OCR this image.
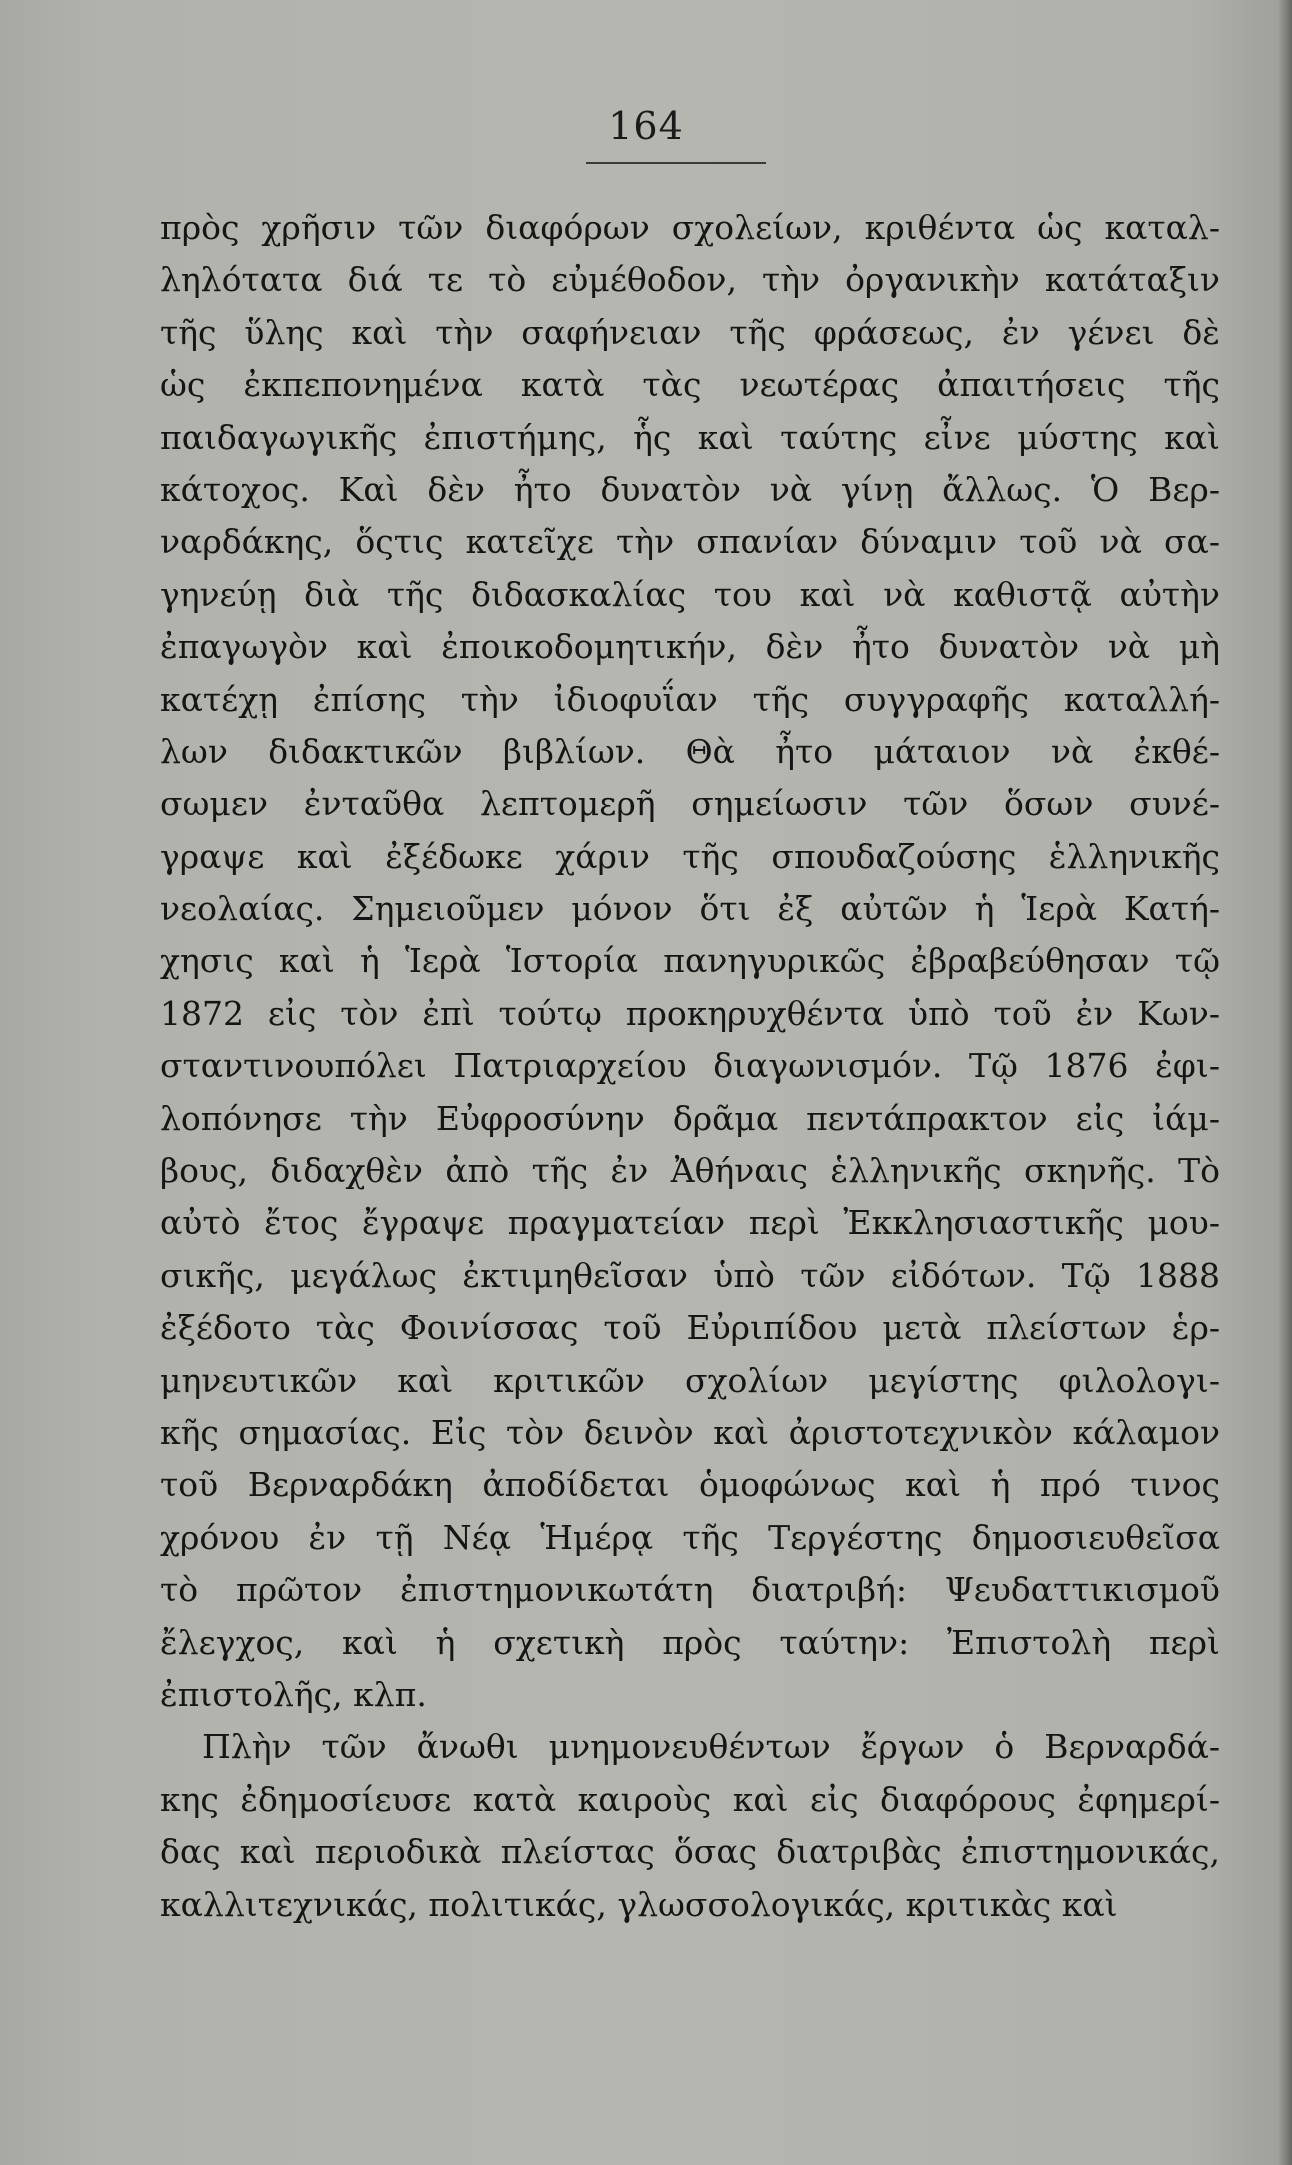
164
πρὸς χρῆσιν τῶν διαφόρων σχολείων, κριθέντα ὡς καταλ-
ληλότατα διά τε τὸ εὐμέθοδον, τὴν ὀργανικὴν κατάταξιν
τῆς ὕλης καὶ τὴν σαφήνειαν τῆς φράσεως, ἐν γένει δὲ
ὡς ἐκπεπονημένα κατὰ τὰς νεωτέρας ἀπαιτήσεις τῆς
παιδαγωγικῆς ἐπιστήμης, ἧς καὶ ταύτης εἶνε μύστης καὶ
κάτοχος. Καὶ δὲν ἦτο δυνατὸν νὰ γίνῃ ἄλλως. Ὁ Βερ-
ναρδάκης, ὅςτις κατεῖχε τὴν σπανίαν δύναμιν τοῦ νὰ σα-
γηνεύῃ διὰ τῆς διδασκαλίας του καὶ νὰ καθιστᾷ αὐτὴν
ἐπαγωγὸν καὶ ἐποικοδομητικήν, δὲν ἦτο δυνατὸν νὰ μὴ
κατέχῃ ἐπίσης τὴν ἰδιοφυΐαν τῆς συγγραφῆς καταλλή-
λων διδακτικῶν βιβλίων. Θὰ ἦτο μάταιον νὰ ἐκθέ-
σωμεν ἐνταῦθα λεπτομερῆ σημείωσιν τῶν ὅσων συνέ-
γραψε καὶ ἐξέδωκε χάριν τῆς σπουδαζούσης ἑλληνικῆς
νεολαίας. Σημειοῦμεν μόνον ὅτι ἐξ αὐτῶν ἡ Ἱερὰ Κατή-
χησις καὶ ἡ Ἱερὰ Ἱστορία πανηγυρικῶς ἐβραβεύθησαν τῷ
1872 εἰς τὸν ἐπὶ τούτῳ προκηρυχθέντα ὑπὸ τοῦ ἐν Κων-
σταντινουπόλει Πατριαρχείου διαγωνισμόν. Τῷ 1876 ἐφι-
λοπόνησε τὴν Εὐφροσύνην δρᾶμα πεντάπρακτον εἰς ἰάμ-
βους, διδαχθὲν ἀπὸ τῆς ἐν Ἀθήναις ἑλληνικῆς σκηνῆς. Τὸ
αὐτὸ ἔτος ἔγραψε πραγματείαν περὶ Ἐκκλησιαστικῆς μου-
σικῆς, μεγάλως ἐκτιμηθεῖσαν ὑπὸ τῶν εἰδότων. Τῷ 1888
ἐξέδοτο τὰς Φοινίσσας τοῦ Εὐριπίδου μετὰ πλείστων ἑρ-
μηνευτικῶν καὶ κριτικῶν σχολίων μεγίστης φιλολογι-
κῆς σημασίας. Εἰς τὸν δεινὸν καὶ ἀριστοτεχνικὸν κάλαμον
τοῦ Βερναρδάκη ἀποδίδεται ὁμοφώνως καὶ ἡ πρό τινος
χρόνου ἐν τῇ Νέᾳ Ἡμέρᾳ τῆς Τεργέστης δημοσιευθεῖσα
τὸ πρῶτον ἐπιστημονικωτάτη διατριβή: Ψευδαττικισμοῦ
ἔλεγχος, καὶ ἡ σχετικὴ πρὸς ταύτην: Ἐπιστολὴ περὶ
ἐπιστολῆς, κλπ.
Πλὴν τῶν ἄνωθι μνημονευθέντων ἔργων ὁ Βερναρδά-
κης ἐδημοσίευσε κατὰ καιροὺς καὶ εἰς διαφόρους ἐφημερί-
δας καὶ περιοδικὰ πλείστας ὅσας διατριβὰς ἐπιστημονικάς,
καλλιτεχνικάς, πολιτικάς, γλωσσολογικάς, κριτικὰς καὶ
